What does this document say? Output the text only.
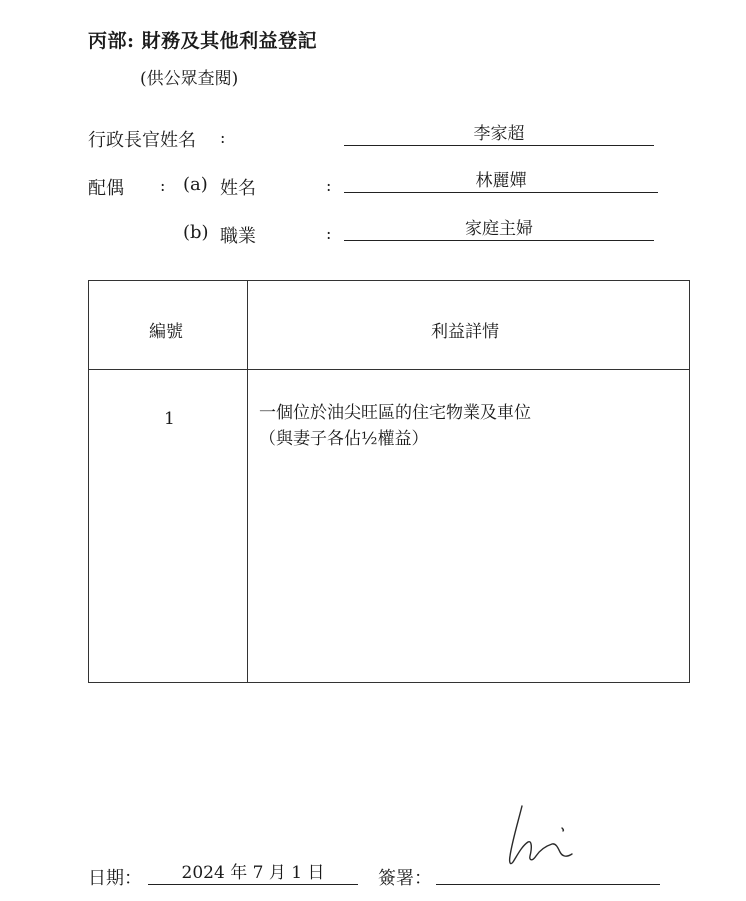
丙部: 財務及其他利益登記
(供公眾查閱)
行政長官姓名 :	李家超
配偶 : (a) 姓名	:	林麗嬋
(b) 職業	:	家庭主婦
編號	利益詳情
1	一個位於油尖旺區的住宅物業及車位
（與妻子各佔½權益）
日期：	2024 年 7 月 1 日	簽署：
